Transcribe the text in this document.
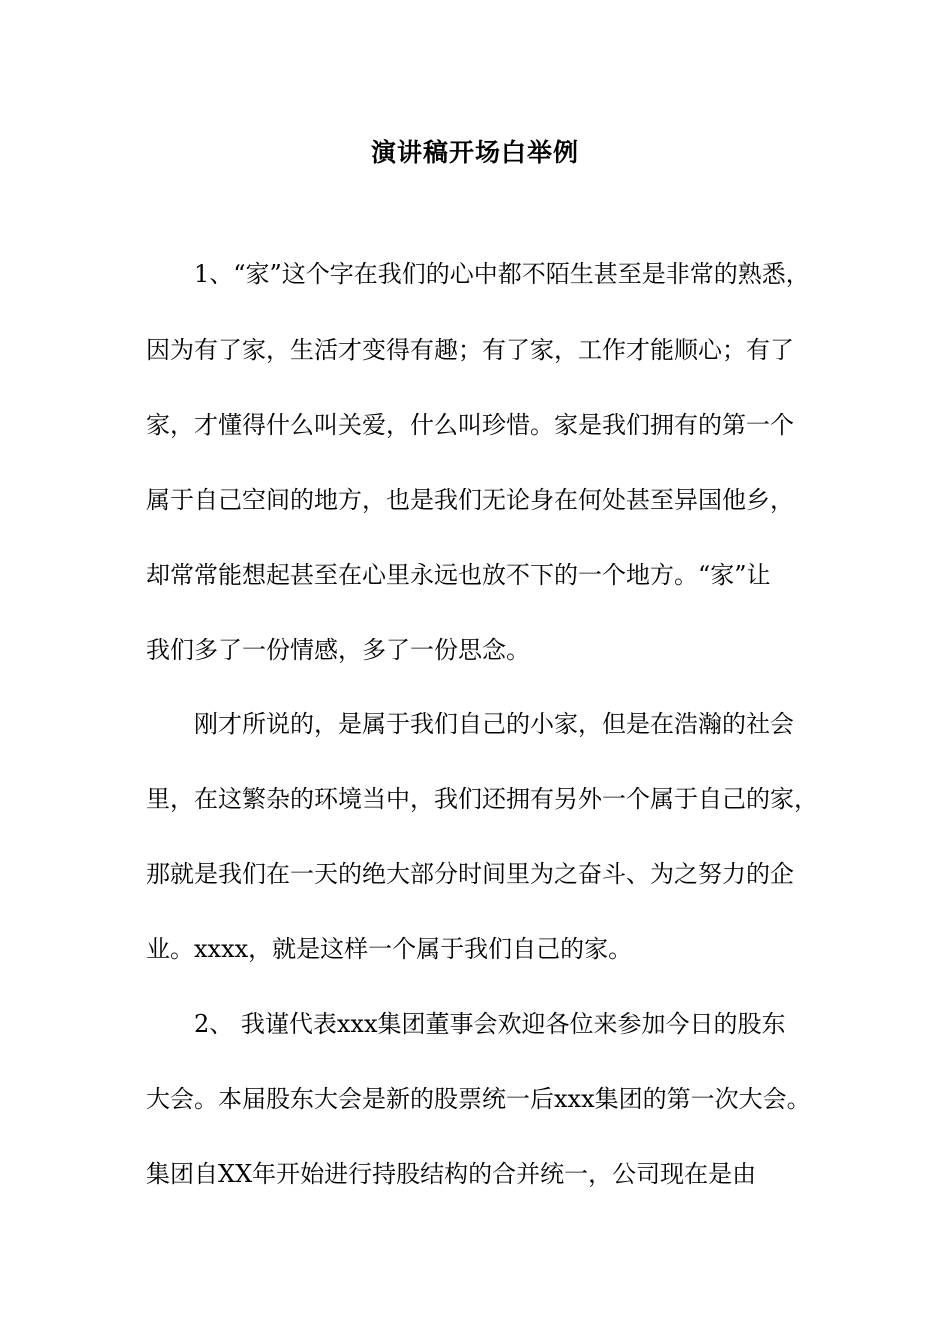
演讲稿开场白举例
1、“家”这个字在我们的心中都不陌生甚至是非常的熟悉，
因为有了家，生活才变得有趣；有了家，工作才能顺心；有了
家，才懂得什么叫关爱，什么叫珍惜。家是我们拥有的第一个
属于自己空间的地方，也是我们无论身在何处甚至异国他乡，
却常常能想起甚至在心里永远也放不下的一个地方。“家”让
我们多了一份情感，多了一份思念。
刚才所说的，是属于我们自己的小家，但是在浩瀚的社会
里，在这繁杂的环境当中，我们还拥有另外一个属于自己的家，
那就是我们在一天的绝大部分时间里为之奋斗、为之努力的企
业。xxxx，就是这样一个属于我们自己的家。
2、 我谨代表xxx集团董事会欢迎各位来参加今日的股东
大会。本届股东大会是新的股票统一后xxx集团的第一次大会。
集团自XX年开始进行持股结构的合并统一，公司现在是由
